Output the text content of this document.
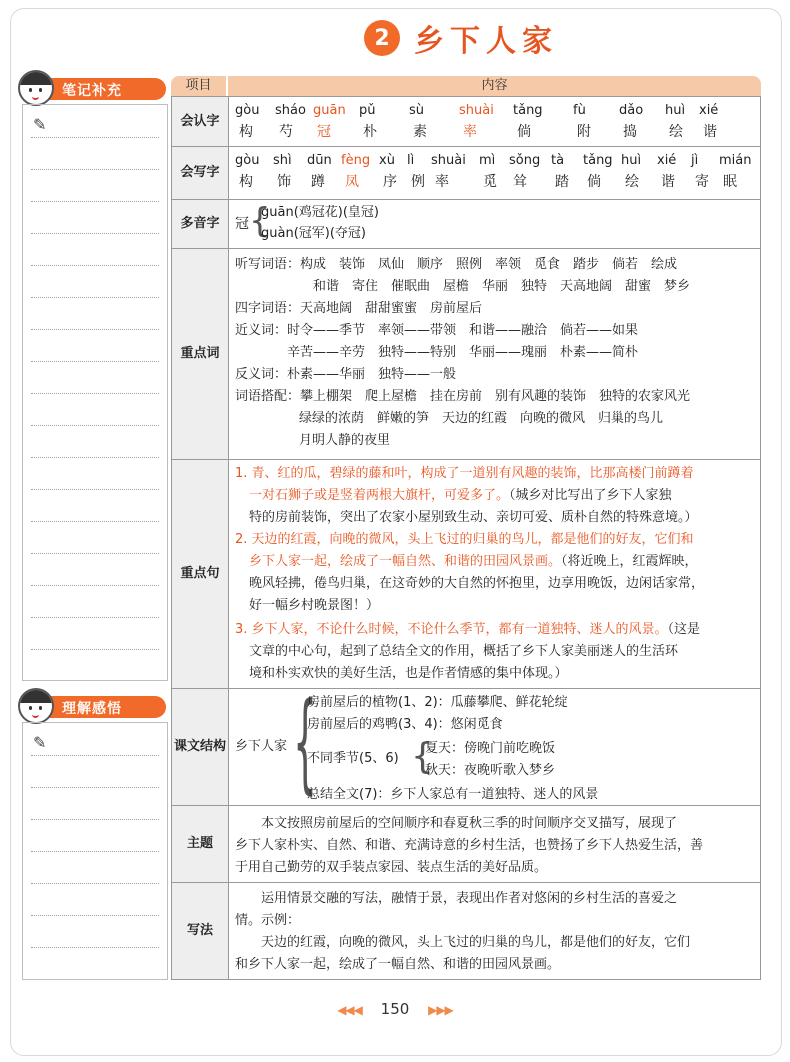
2 乡下人家
笔记补充
✎
理解感悟
✎
项目	内容
会认字
gòu
构
sháo
芍
guān
冠
pǔ
朴
sù
素
shuài
率
tǎng
倘
fù
附
dǎo
捣
huì
绘
xié
谐
会写字
gòu
构
shì
饰
dūn
蹲
fèng
凤
xù
序
lì
例
shuài
率
mì
觅
sǒng
耸
tà
踏
tǎng
倘
huì
绘
xié
谐
jì
寄
mián
眠
多音字	冠 {
guān(鸡冠花)(皇冠)
guàn(冠军)(夺冠)
重点词
听写词语：构成　装饰　凤仙　顺序　照例　率领　觅食　踏步　倘若　绘成
和谐　寄住　催眠曲　屋檐　华丽　独特　天高地阔　甜蜜　梦乡
四字词语：天高地阔　甜甜蜜蜜　房前屋后
近义词：时令——季节　率领——带领　和谐——融洽　倘若——如果
辛苦——辛劳　独特——特别　华丽——瑰丽　朴素——简朴
反义词：朴素——华丽　独特——一般
词语搭配：攀上棚架　爬上屋檐　挂在房前　别有风趣的装饰　独特的农家风光
绿绿的浓荫　鲜嫩的笋　天边的红霞　向晚的微风　归巢的鸟儿
月明人静的夜里
重点句
1. 青、红的瓜，碧绿的藤和叶，构成了一道别有风趣的装饰，比那高楼门前蹲着
一对石狮子或是竖着两根大旗杆，可爱多了。（城乡对比写出了乡下人家独
特的房前装饰，突出了农家小屋别致生动、亲切可爱、质朴自然的特殊意境。）
2. 天边的红霞，向晚的微风，头上飞过的归巢的鸟儿，都是他们的好友，它们和
乡下人家一起，绘成了一幅自然、和谐的田园风景画。（将近晚上，红霞辉映，
晚风轻拂，倦鸟归巢，在这奇妙的大自然的怀抱里，边享用晚饭，边闲话家常，
好一幅乡村晚景图！）
3. 乡下人家，不论什么时候，不论什么季节，都有一道独特、迷人的风景。（这是
文章的中心句，起到了总结全文的作用，概括了乡下人家美丽迷人的生活环
境和朴实欢快的美好生活，也是作者情感的集中体现。）
课文 结构 乡下人家 {
房前屋后的植物(1、2)：瓜藤攀爬、鲜花轮绽
房前屋后的鸡鸭(3、4)：悠闲觅食
不同季节(5、6) {
夏天：傍晚门前吃晚饭
秋天：夜晚听歌入梦乡
总结全文(7)：乡下人家总有一道独特、迷人的风景
主题
本文按照房前屋后的空间顺序和春夏秋三季的时间顺序交叉描写，展现了
乡下人家朴实、自然、和谐、充满诗意的乡村生活，也赞扬了乡下人热爱生活，善
于用自己勤劳的双手装点家园、装点生活的美好品质。
写法
运用情景交融的写法，融情于景，表现出作者对悠闲的乡村生活的喜爱之
情。示例：
天边的红霞，向晚的微风，头上飞过的归巢的鸟儿，都是他们的好友，它们
和乡下人家一起，绘成了一幅自然、和谐的田园风景画。
◀◀◀ 150 ▶▶▶
